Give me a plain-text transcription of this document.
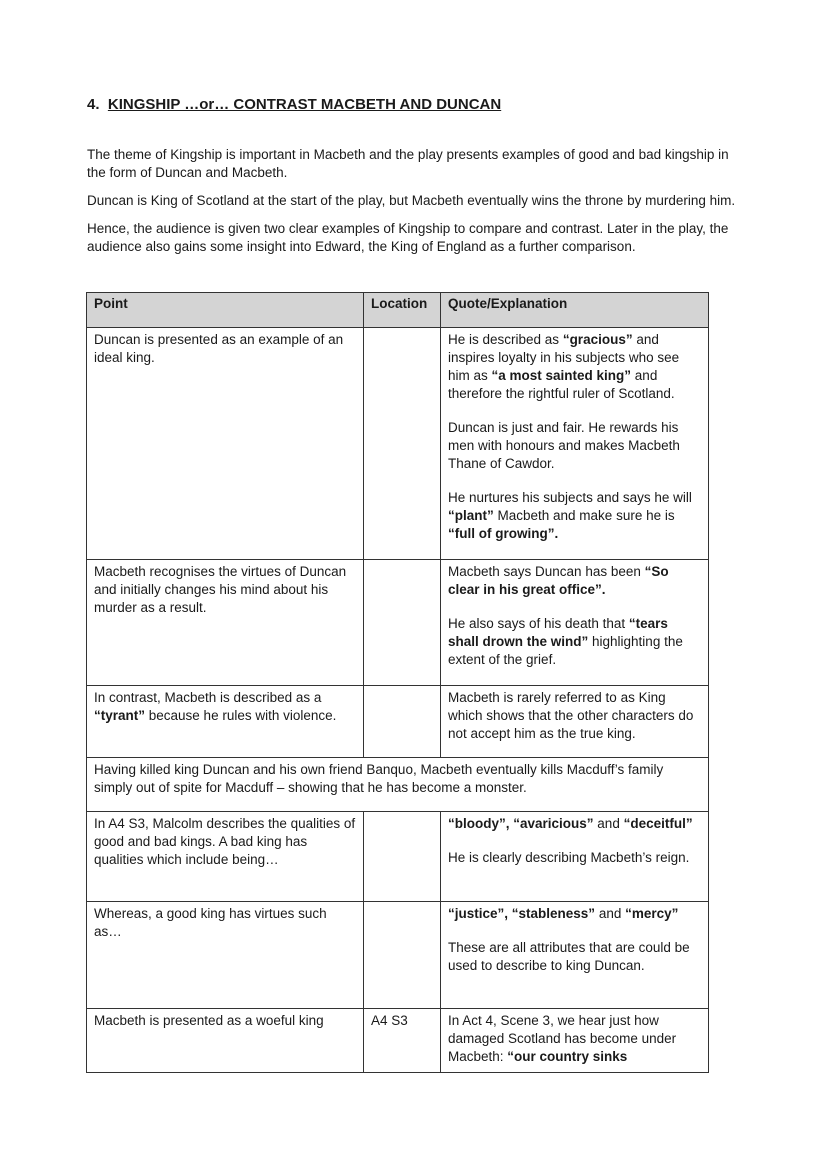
4. KINGSHIP …or… CONTRAST MACBETH AND DUNCAN

The theme of Kingship is important in Macbeth and the play presents examples of good and bad kingship in the form of Duncan and Macbeth.

Duncan is King of Scotland at the start of the play, but Macbeth eventually wins the throne by murdering him.

Hence, the audience is given two clear examples of Kingship to compare and contrast. Later in the play, the audience also gains some insight into Edward, the King of England as a further comparison.

Point	Location	Quote/Explanation
Duncan is presented as an example of an ideal king.		He is described as “gracious” and inspires loyalty in his subjects who see him as “a most sainted king” and therefore the rightful ruler of Scotland.

Duncan is just and fair. He rewards his men with honours and makes Macbeth Thane of Cawdor.

He nurtures his subjects and says he will “plant” Macbeth and make sure he is “full of growing”.

Macbeth recognises the virtues of Duncan and initially changes his mind about his murder as a result.		Macbeth says Duncan has been “So clear in his great office”.

He also says of his death that “tears shall drown the wind” highlighting the extent of the grief.

In contrast, Macbeth is described as a “tyrant” because he rules with violence.		Macbeth is rarely referred to as King which shows that the other characters do not accept him as the true king.
Having killed king Duncan and his own friend Banquo, Macbeth eventually kills Macduff’s family simply out of spite for Macduff – showing that he has become a monster.		
In A4 S3, Malcolm describes the qualities of good and bad kings. A bad king has qualities which include being…		“bloody”, “avaricious” and “deceitful”

He is clearly describing Macbeth’s reign.

Whereas, a good king has virtues such as…		“justice”, “stableness” and “mercy”

These are all attributes that are could be used to describe to king Duncan.

Macbeth is presented as a woeful king	A4 S3	In Act 4, Scene 3, we hear just how damaged Scotland has become under Macbeth: “our country sinks
